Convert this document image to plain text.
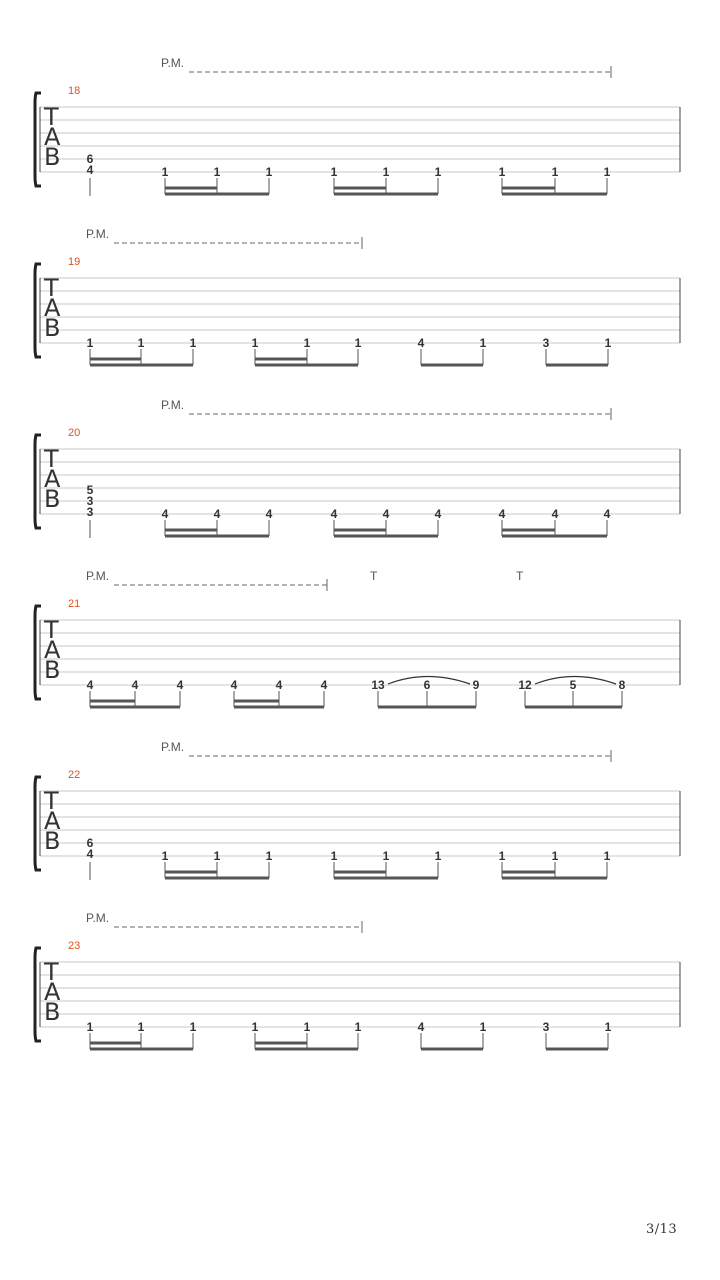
T
A
B
18
P.M.
6
4	1	1	1	1	1	1	1	1	1
T
A
B
19
P.M.
1	1	1	1	1	1	4	1	3	1
T
A
B
20
P.M.
5
3
3	4	4	4	4	4	4	4	4	4
T
A
B
21
P.M.	T	T
4	4	4	4	4	4	13	6	9	12	5	8
T
A
B
22
P.M.
6
4	1	1	1	1	1	1	1	1	1
T
A
B
23
P.M.
1	1	1	1	1	1	4	1	3	1
3/13
